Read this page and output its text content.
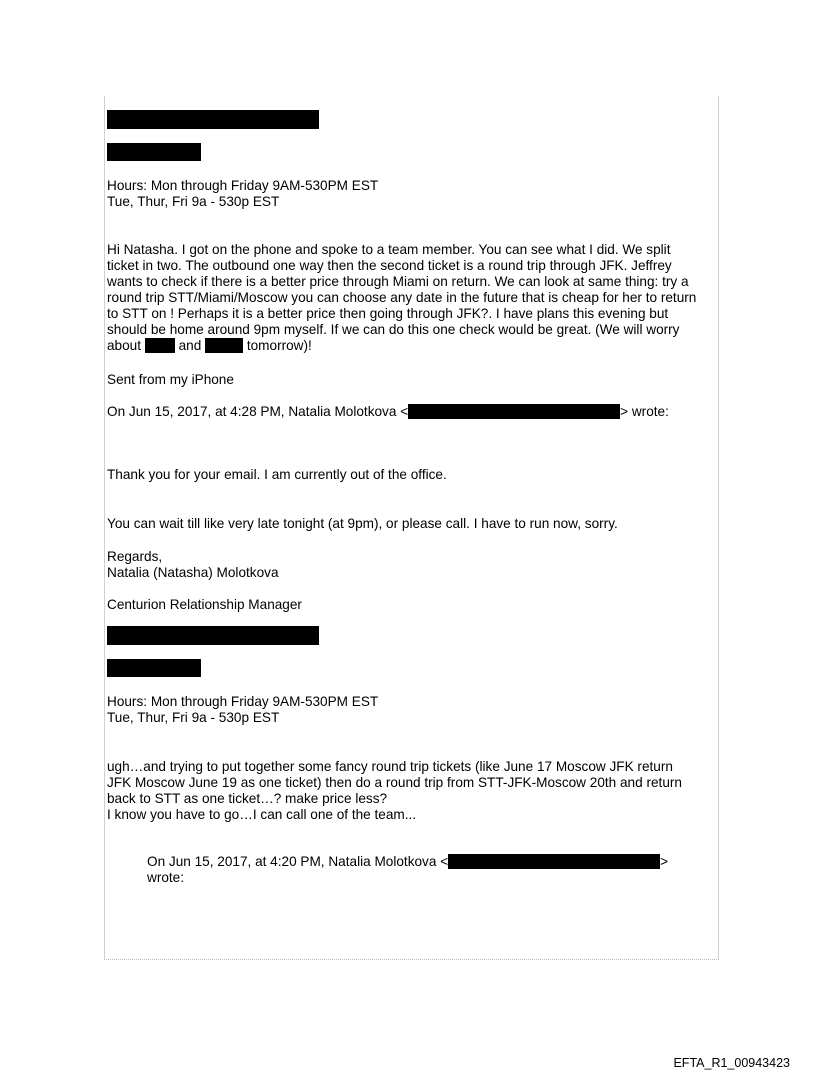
Hours: Mon through Friday 9AM-530PM EST

Tue, Thur, Fri 9a - 530p EST

Hi Natasha. I got on the phone and spoke to a team member. You can see what I did. We split

ticket in two. The outbound one way then the second ticket is a round trip through JFK. Jeffrey

wants to check if there is a better price through Miami on return. We can look at same thing: try a

round trip STT/Miami/Moscow you can choose any date in the future that is cheap for her to return

to STT on ! Perhaps it is a better price then going through JFK?. I have plans this evening but

should be home around 9pm myself. If we can do this one check would be great. (We will worry

about	and	tomorrow)!

Sent from my iPhone

On Jun 15, 2017, at 4:28 PM, Natalia Molotkova <	> wrote:

Thank you for your email. I am currently out of the office.

You can wait till like very late tonight (at 9pm), or please call. I have to run now, sorry.

Regards,

Natalia (Natasha) Molotkova

Centurion Relationship Manager

Hours: Mon through Friday 9AM-530PM EST

Tue, Thur, Fri 9a - 530p EST

ugh…and trying to put together some fancy round trip tickets (like June 17 Moscow JFK return

JFK Moscow June 19 as one ticket) then do a round trip from STT-JFK-Moscow 20th and return

back to STT as one ticket…? make price less?

I know you have to go…I can call one of the team...

On Jun 15, 2017, at 4:20 PM, Natalia Molotkova <	>

wrote:

EFTA_R1_00943423
